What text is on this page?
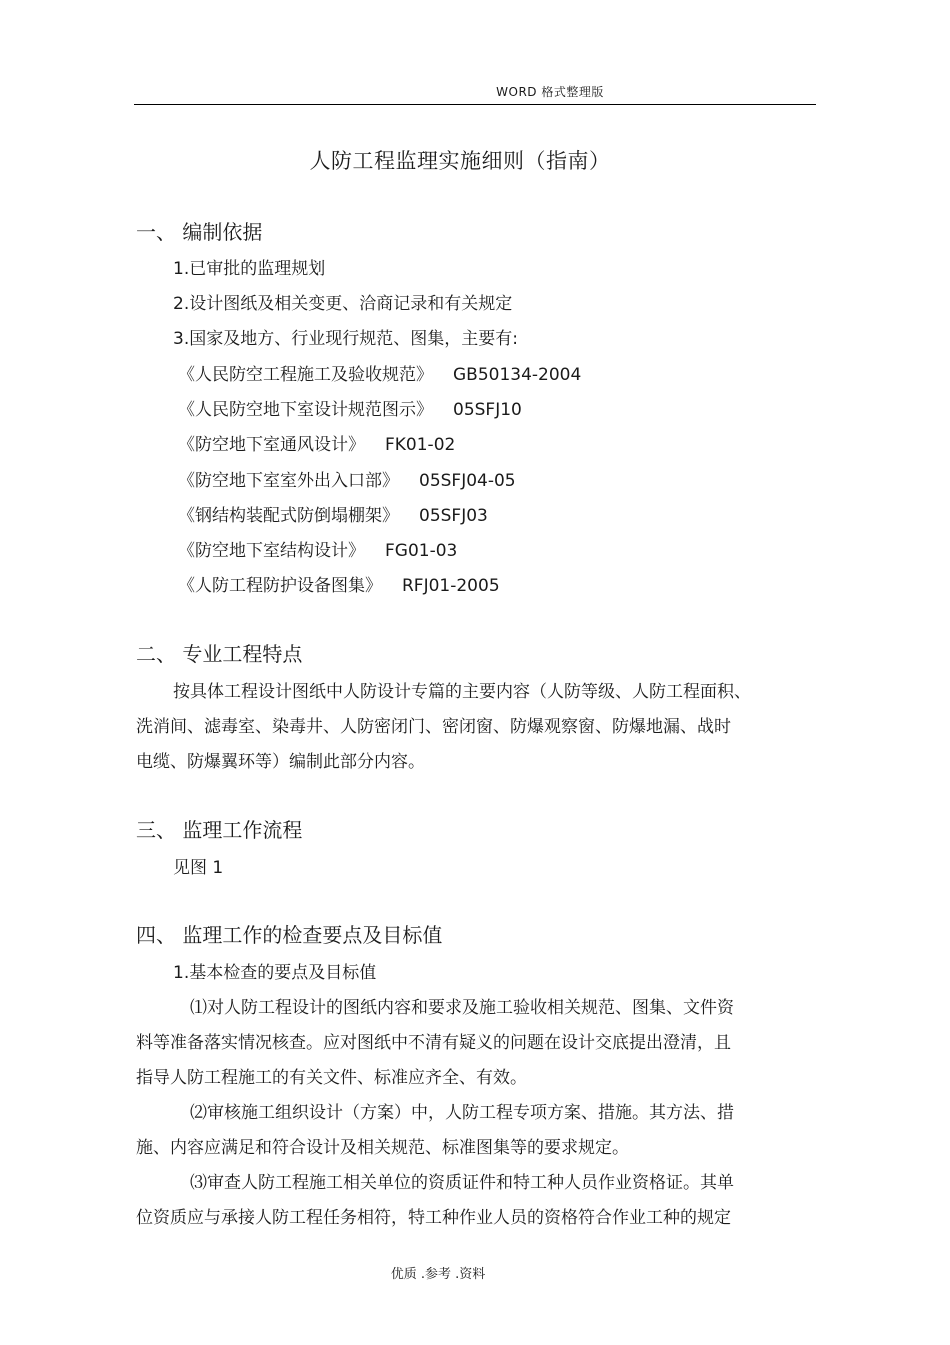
WORD 格式整理版
人防工程监理实施细则（指南）
一、 编制依据
1.已审批的监理规划
2.设计图纸及相关变更、洽商记录和有关规定
3.国家及地方、行业现行规范、图集，主要有:
《人民防空工程施工及验收规范》 GB50134-2004
《人民防空地下室设计规范图示》 05SFJ10
《防空地下室通风设计》 FK01-02
《防空地下室室外出入口部》 05SFJ04-05
《钢结构装配式防倒塌棚架》 05SFJ03
《防空地下室结构设计》 FG01-03
《人防工程防护设备图集》 RFJ01-2005
二、 专业工程特点
按具体工程设计图纸中人防设计专篇的主要内容（人防等级、人防工程面积、
洗消间、滤毒室、染毒井、人防密闭门、密闭窗、防爆观察窗、防爆地漏、战时
电缆、防爆翼环等）编制此部分内容。
三、 监理工作流程
见图 1
四、 监理工作的检查要点及目标值
1.基本检查的要点及目标值
⑴对人防工程设计的图纸内容和要求及施工验收相关规范、图集、文件资
料等准备落实情况核查。应对图纸中不清有疑义的问题在设计交底提出澄清，且
指导人防工程施工的有关文件、标准应齐全、有效。
⑵审核施工组织设计（方案）中，人防工程专项方案、措施。其方法、措
施、内容应满足和符合设计及相关规范、标准图集等的要求规定。
⑶审查人防工程施工相关单位的资质证件和特工种人员作业资格证。其单
位资质应与承接人防工程任务相符，特工种作业人员的资格符合作业工种的规定
优质 .参考 .资料
